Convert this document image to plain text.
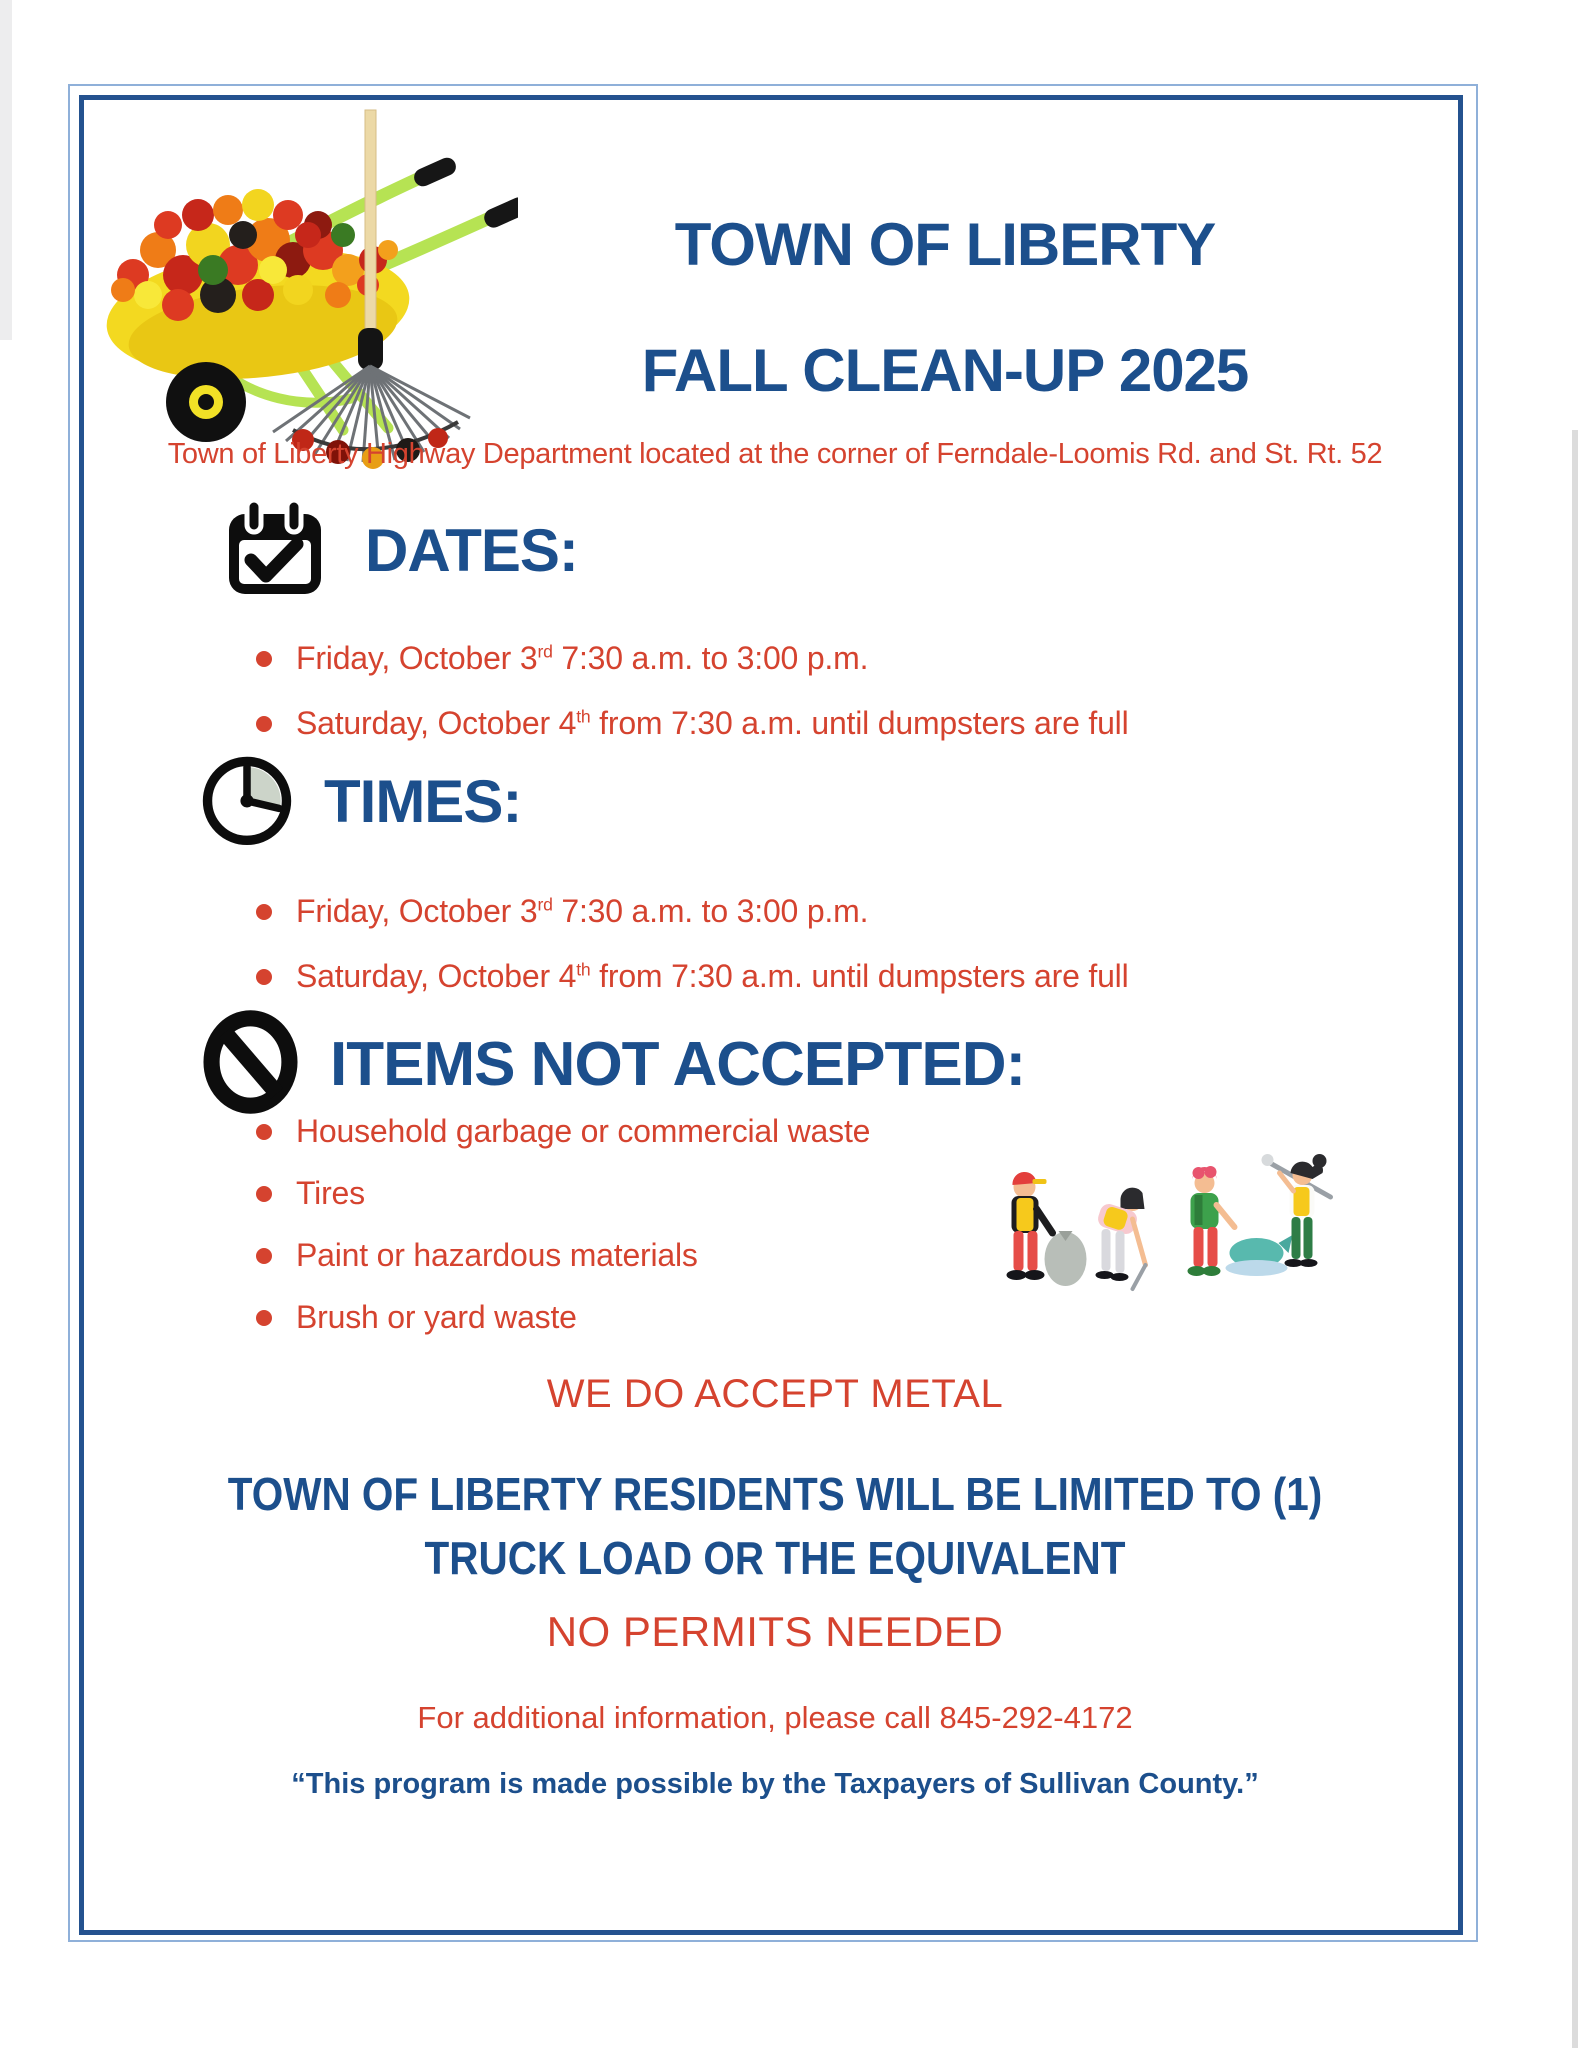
TOWN OF LIBERTY
FALL CLEAN-UP 2025
Town of Liberty Highway Department located at the corner of Ferndale-Loomis Rd. and St. Rt. 52
DATES:
Friday, October 3rd 7:30 a.m. to 3:00 p.m.
Saturday, October 4th from 7:30 a.m. until dumpsters are full
TIMES:
Friday, October 3rd 7:30 a.m. to 3:00 p.m.
Saturday, October 4th from 7:30 a.m. until dumpsters are full
ITEMS NOT ACCEPTED:
Household garbage or commercial waste
Tires
Paint or hazardous materials
Brush or yard waste
WE DO ACCEPT METAL
TOWN OF LIBERTY RESIDENTS WILL BE LIMITED TO (1)
TRUCK LOAD OR THE EQUIVALENT
NO PERMITS NEEDED
For additional information, please call 845-292-4172
“This program is made possible by the Taxpayers of Sullivan County.”
